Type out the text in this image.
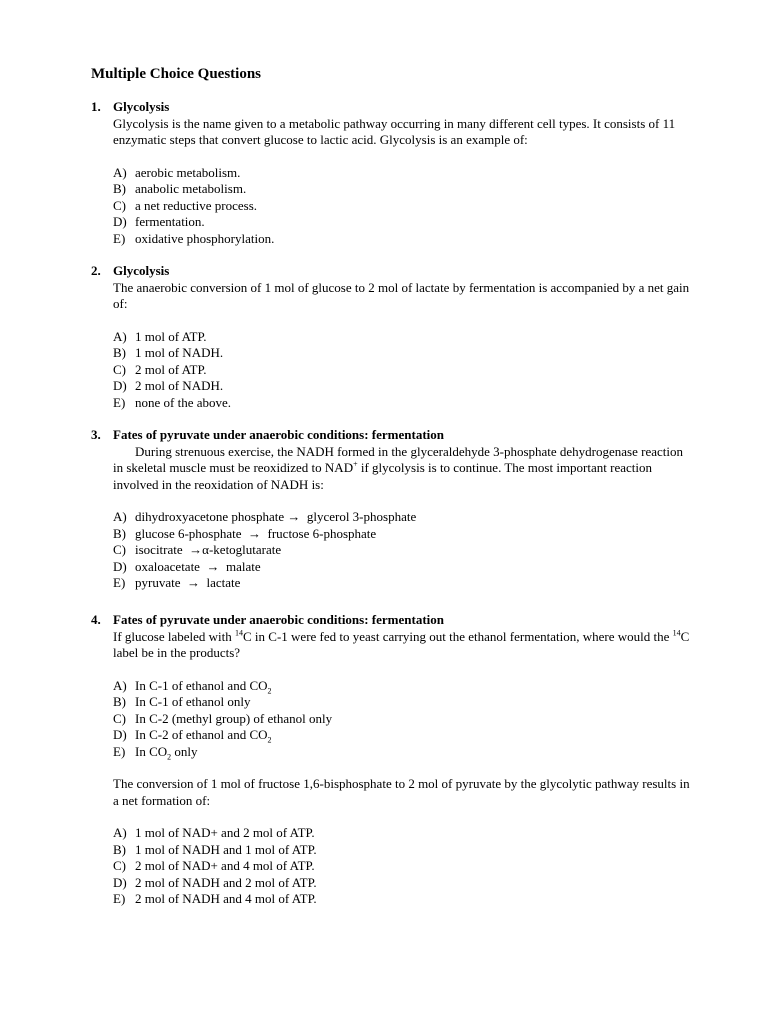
Multiple Choice Questions
1. Glycolysis
Glycolysis is the name given to a metabolic pathway occurring in many different cell types. It consists of 11 enzymatic steps that convert glucose to lactic acid. Glycolysis is an example of:
A) aerobic metabolism.
B) anabolic metabolism.
C) a net reductive process.
D) fermentation.
E) oxidative phosphorylation.
2. Glycolysis
The anaerobic conversion of 1 mol of glucose to 2 mol of lactate by fermentation is accompanied by a net gain of:
A) 1 mol of ATP.
B) 1 mol of NADH.
C) 2 mol of ATP.
D) 2 mol of NADH.
E) none of the above.
3. Fates of pyruvate under anaerobic conditions: fermentation
During strenuous exercise, the NADH formed in the glyceraldehyde 3-phosphate dehydrogenase reaction in skeletal muscle must be reoxidized to NAD+ if glycolysis is to continue. The most important reaction involved in the reoxidation of NADH is:
A) dihydroxyacetone phosphate → glycerol 3-phosphate
B) glucose 6-phosphate → fructose 6-phosphate
C) isocitrate →α-ketoglutarate
D) oxaloacetate → malate
E) pyruvate → lactate
4. Fates of pyruvate under anaerobic conditions: fermentation
If glucose labeled with $^{14}$C in C-1 were fed to yeast carrying out the ethanol fermentation, where would the $^{14}$C label be in the products?
A) In C-1 of ethanol and $CO_2$
B) In C-1 of ethanol only
C) In C-2 (methyl group) of ethanol only
D) In C-2 of ethanol and $CO_2$
E) In $CO_2$ only
The conversion of 1 mol of fructose 1,6-bisphosphate to 2 mol of pyruvate by the glycolytic pathway results in a net formation of:
A) 1 mol of NAD+ and 2 mol of ATP.
B) 1 mol of NADH and 1 mol of ATP.
C) 2 mol of NAD+ and 4 mol of ATP.
D) 2 mol of NADH and 2 mol of ATP.
E) 2 mol of NADH and 4 mol of ATP.
